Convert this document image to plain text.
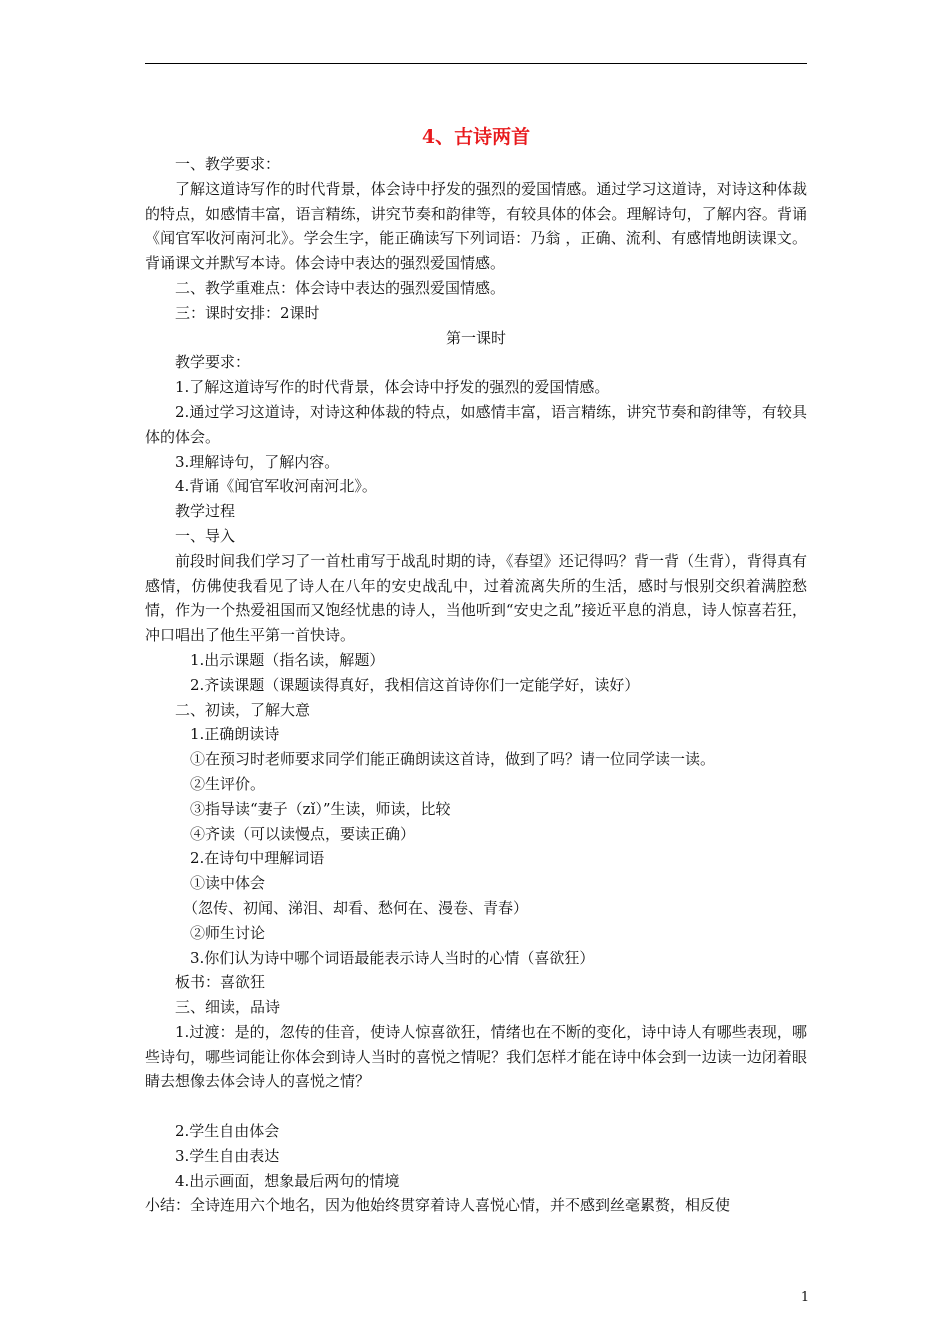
4、古诗两首

一、教学要求：

了解这道诗写作的时代背景，体会诗中抒发的强烈的爱国情感。通过学习这道诗，对诗这种体裁的特点，如感情丰富，语言精练，讲究节奏和韵律等，有较具体的体会。理解诗句，了解内容。背诵《闻官军收河南河北》。学会生字，能正确读写下列词语：乃翁 ，正确、流利、有感情地朗读课文。背诵课文并默写本诗。体会诗中表达的强烈爱国情感。

二、教学重难点：体会诗中表达的强烈爱国情感。

三：课时安排：2课时

第一课时

教学要求：

1.了解这道诗写作的时代背景，体会诗中抒发的强烈的爱国情感。

2.通过学习这道诗，对诗这种体裁的特点，如感情丰富，语言精练，讲究节奏和韵律等，有较具体的体会。

3.理解诗句，了解内容。

4.背诵《闻官军收河南河北》。

教学过程

一、导入

前段时间我们学习了一首杜甫写于战乱时期的诗，《春望》还记得吗？背一背（生背），背得真有感情，仿佛使我看见了诗人在八年的安史战乱中，过着流离失所的生活，感时与恨别交织着满腔愁情，作为一个热爱祖国而又饱经忧患的诗人，当他听到“安史之乱”接近平息的消息，诗人惊喜若狂，冲口唱出了他生平第一首快诗。

1.出示课题（指名读，解题）

2.齐读课题（课题读得真好，我相信这首诗你们一定能学好，读好）

二、初读，了解大意

1.正确朗读诗

①在预习时老师要求同学们能正确朗读这首诗，做到了吗？请一位同学读一读。

②生评价。

③指导读“妻子（zǐ）”生读，师读，比较

④齐读（可以读慢点，要读正确）

2.在诗句中理解词语

①读中体会

（忽传、初闻、涕泪、却看、愁何在、漫卷、青春）

②师生讨论

3.你们认为诗中哪个词语最能表示诗人当时的心情（喜欲狂）

板书：喜欲狂

三、细读，品诗

1.过渡：是的，忽传的佳音，使诗人惊喜欲狂，情绪也在不断的变化，诗中诗人有哪些表现，哪些诗句，哪些词能让你体会到诗人当时的喜悦之情呢？我们怎样才能在诗中体会到一边读一边闭着眼睛去想像去体会诗人的喜悦之情？

2.学生自由体会

3.学生自由表达

4.出示画面，想象最后两句的情境

小结：全诗连用六个地名，因为他始终贯穿着诗人喜悦心情，并不感到丝毫累赘，相反使

1
